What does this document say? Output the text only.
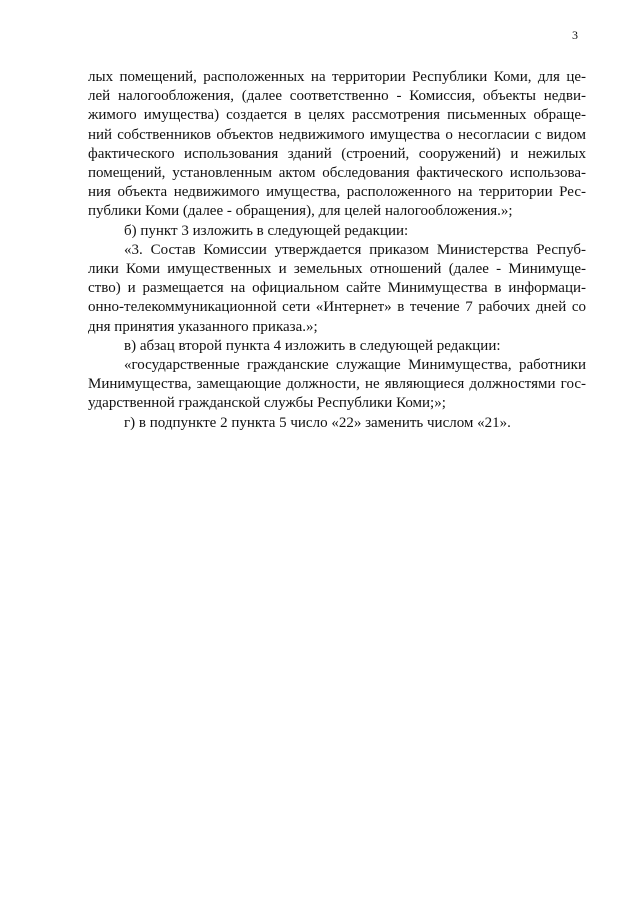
3
лых помещений, расположенных на территории Республики Коми, для це-
лей налогообложения, (далее соответственно - Комиссия, объекты недви-
жимого имущества) создается в целях рассмотрения письменных обраще-
ний собственников объектов недвижимого имущества о несогласии с видом
фактического использования зданий (строений, сооружений) и нежилых
помещений, установленным актом обследования фактического использова-
ния объекта недвижимого имущества, расположенного на территории Рес-
публики Коми (далее - обращения), для целей налогообложения.»;
б) пункт 3 изложить в следующей редакции:
«3. Состав Комиссии утверждается приказом Министерства Респуб-
лики Коми имущественных и земельных отношений (далее - Минимуще-
ство) и размещается на официальном сайте Минимущества в информаци-
онно-телекоммуникационной сети «Интернет» в течение 7 рабочих дней со
дня принятия указанного приказа.»;
в) абзац второй пункта 4 изложить в следующей редакции:
«государственные гражданские служащие Минимущества, работники
Минимущества, замещающие должности, не являющиеся должностями гос-
ударственной гражданской службы Республики Коми;»;
г) в подпункте 2 пункта 5 число «22» заменить числом «21».
